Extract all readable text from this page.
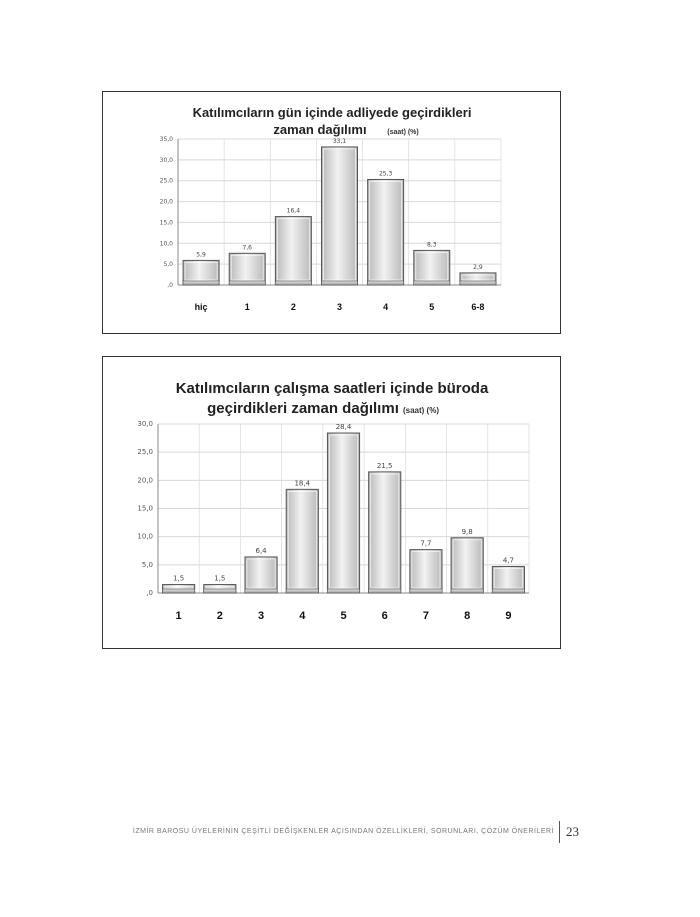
Katılımcıların gün içinde adliyede geçirdikleri
zaman dağılımı	(saat) (%)
,0
5,0
10,0
15,0
20,0
25,0
30,0
35,0
5,9
hiç
7,6
1
16,4
2
33,1
3
25,3
4
8,3
5
2,9
6-8
Katılımcıların çalışma saatleri içinde büroda
geçirdikleri zaman dağılımı (saat) (%)
,0
5,0
10,0
15,0
20,0
25,0
30,0
1,5
1
1,5
2
6,4
3
18,4
4
28,4
5
21,5
6
7,7
7
9,8
8
4,7
9
İZMİR BAROSU ÜYELERİNİN ÇEŞİTLİ DEĞİŞKENLER AÇISINDAN ÖZELLİKLERİ, SORUNLARI, ÇÖZÜM ÖNERİLERİ 23
